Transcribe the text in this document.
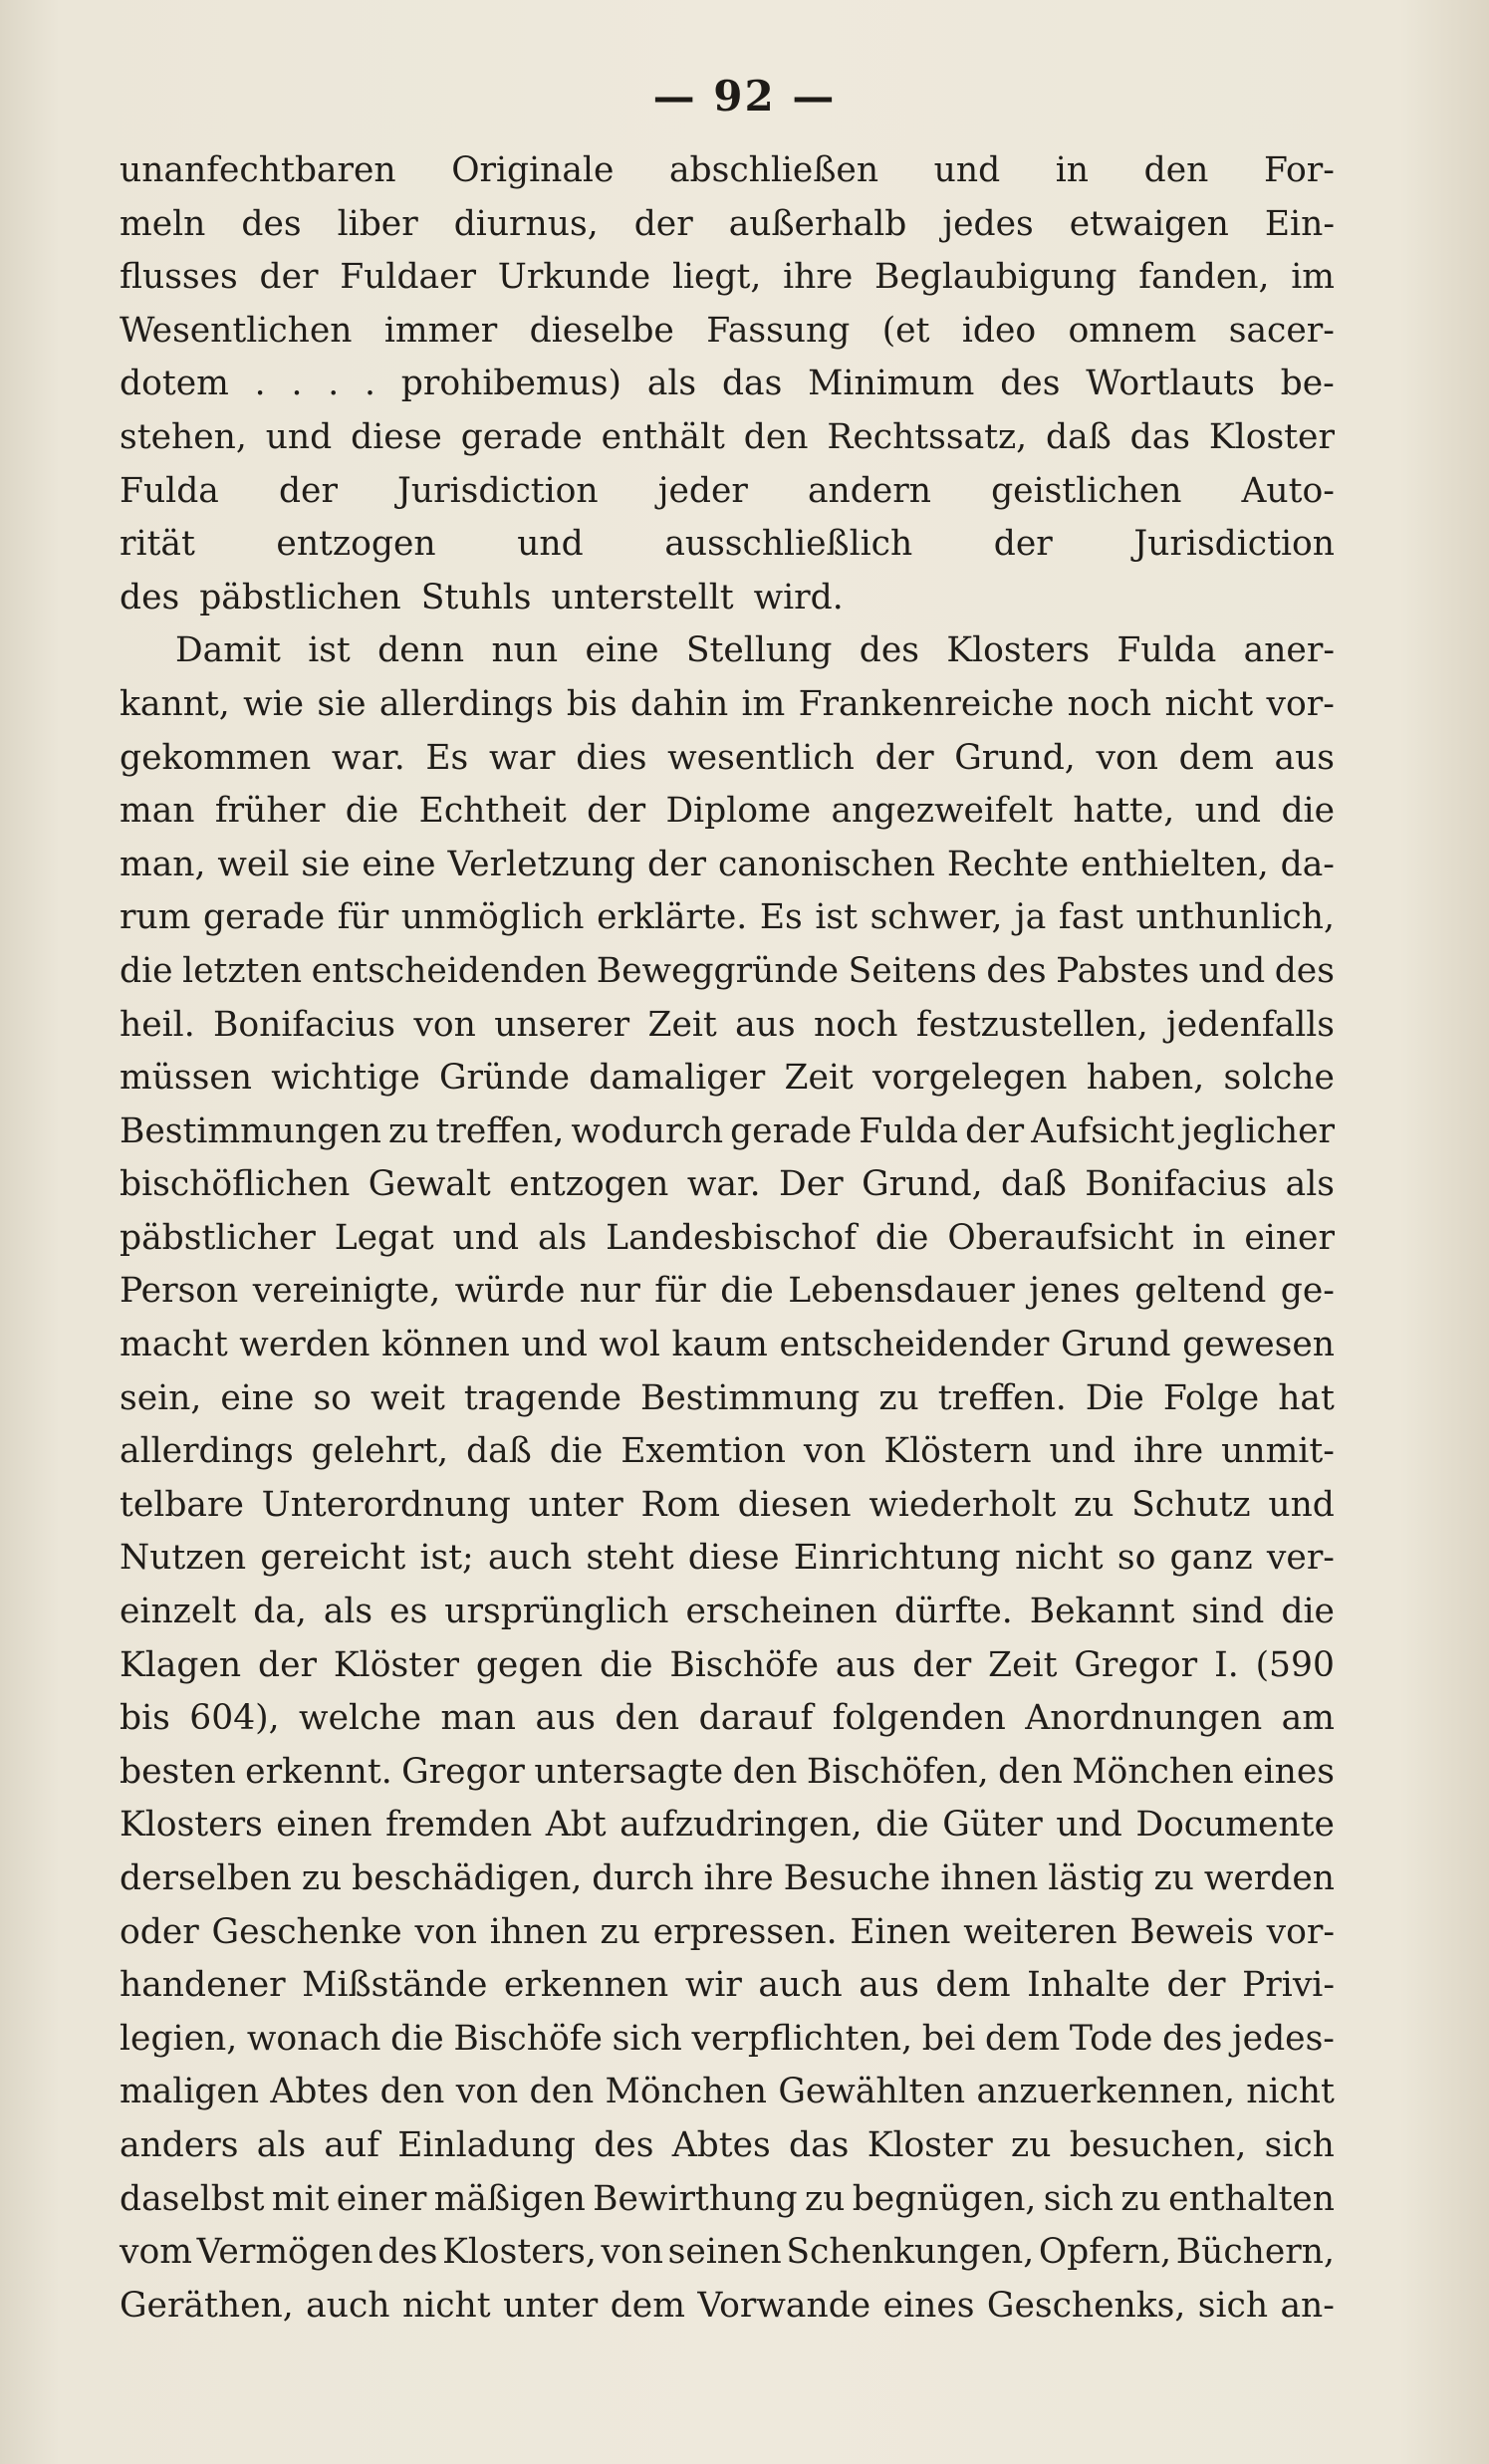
— 92 —
unanfechtbaren Originale abschließen und in den For-
meln des liber diurnus, der außerhalb jedes etwaigen Ein-
flusses der Fuldaer Urkunde liegt, ihre Beglaubigung fanden, im
Wesentlichen immer dieselbe Fassung (et ideo omnem sacer-
dotem . . . . prohibemus) als das Minimum des Wortlauts be-
stehen, und diese gerade enthält den Rechtssatz, daß das Kloster
Fulda der Jurisdiction jeder andern geistlichen Auto-
rität entzogen und ausschließlich der Jurisdiction
des päbstlichen Stuhls unterstellt wird.
Damit ist denn nun eine Stellung des Klosters Fulda aner-
kannt, wie sie allerdings bis dahin im Frankenreiche noch nicht vor-
gekommen war. Es war dies wesentlich der Grund, von dem aus
man früher die Echtheit der Diplome angezweifelt hatte, und die
man, weil sie eine Verletzung der canonischen Rechte enthielten, da-
rum gerade für unmöglich erklärte. Es ist schwer, ja fast unthunlich,
die letzten entscheidenden Beweggründe Seitens des Pabstes und des
heil. Bonifacius von unserer Zeit aus noch festzustellen, jedenfalls
müssen wichtige Gründe damaliger Zeit vorgelegen haben, solche
Bestimmungen zu treffen, wodurch gerade Fulda der Aufsicht jeglicher
bischöflichen Gewalt entzogen war. Der Grund, daß Bonifacius als
päbstlicher Legat und als Landesbischof die Oberaufsicht in einer
Person vereinigte, würde nur für die Lebensdauer jenes geltend ge-
macht werden können und wol kaum entscheidender Grund gewesen
sein, eine so weit tragende Bestimmung zu treffen. Die Folge hat
allerdings gelehrt, daß die Exemtion von Klöstern und ihre unmit-
telbare Unterordnung unter Rom diesen wiederholt zu Schutz und
Nutzen gereicht ist; auch steht diese Einrichtung nicht so ganz ver-
einzelt da, als es ursprünglich erscheinen dürfte. Bekannt sind die
Klagen der Klöster gegen die Bischöfe aus der Zeit Gregor I. (590
bis 604), welche man aus den darauf folgenden Anordnungen am
besten erkennt. Gregor untersagte den Bischöfen, den Mönchen eines
Klosters einen fremden Abt aufzudringen, die Güter und Documente
derselben zu beschädigen, durch ihre Besuche ihnen lästig zu werden
oder Geschenke von ihnen zu erpressen. Einen weiteren Beweis vor-
handener Mißstände erkennen wir auch aus dem Inhalte der Privi-
legien, wonach die Bischöfe sich verpflichten, bei dem Tode des jedes-
maligen Abtes den von den Mönchen Gewählten anzuerkennen, nicht
anders als auf Einladung des Abtes das Kloster zu besuchen, sich
daselbst mit einer mäßigen Bewirthung zu begnügen, sich zu enthalten
vom Vermögen des Klosters, von seinen Schenkungen, Opfern, Büchern,
Geräthen, auch nicht unter dem Vorwande eines Geschenks, sich an-
